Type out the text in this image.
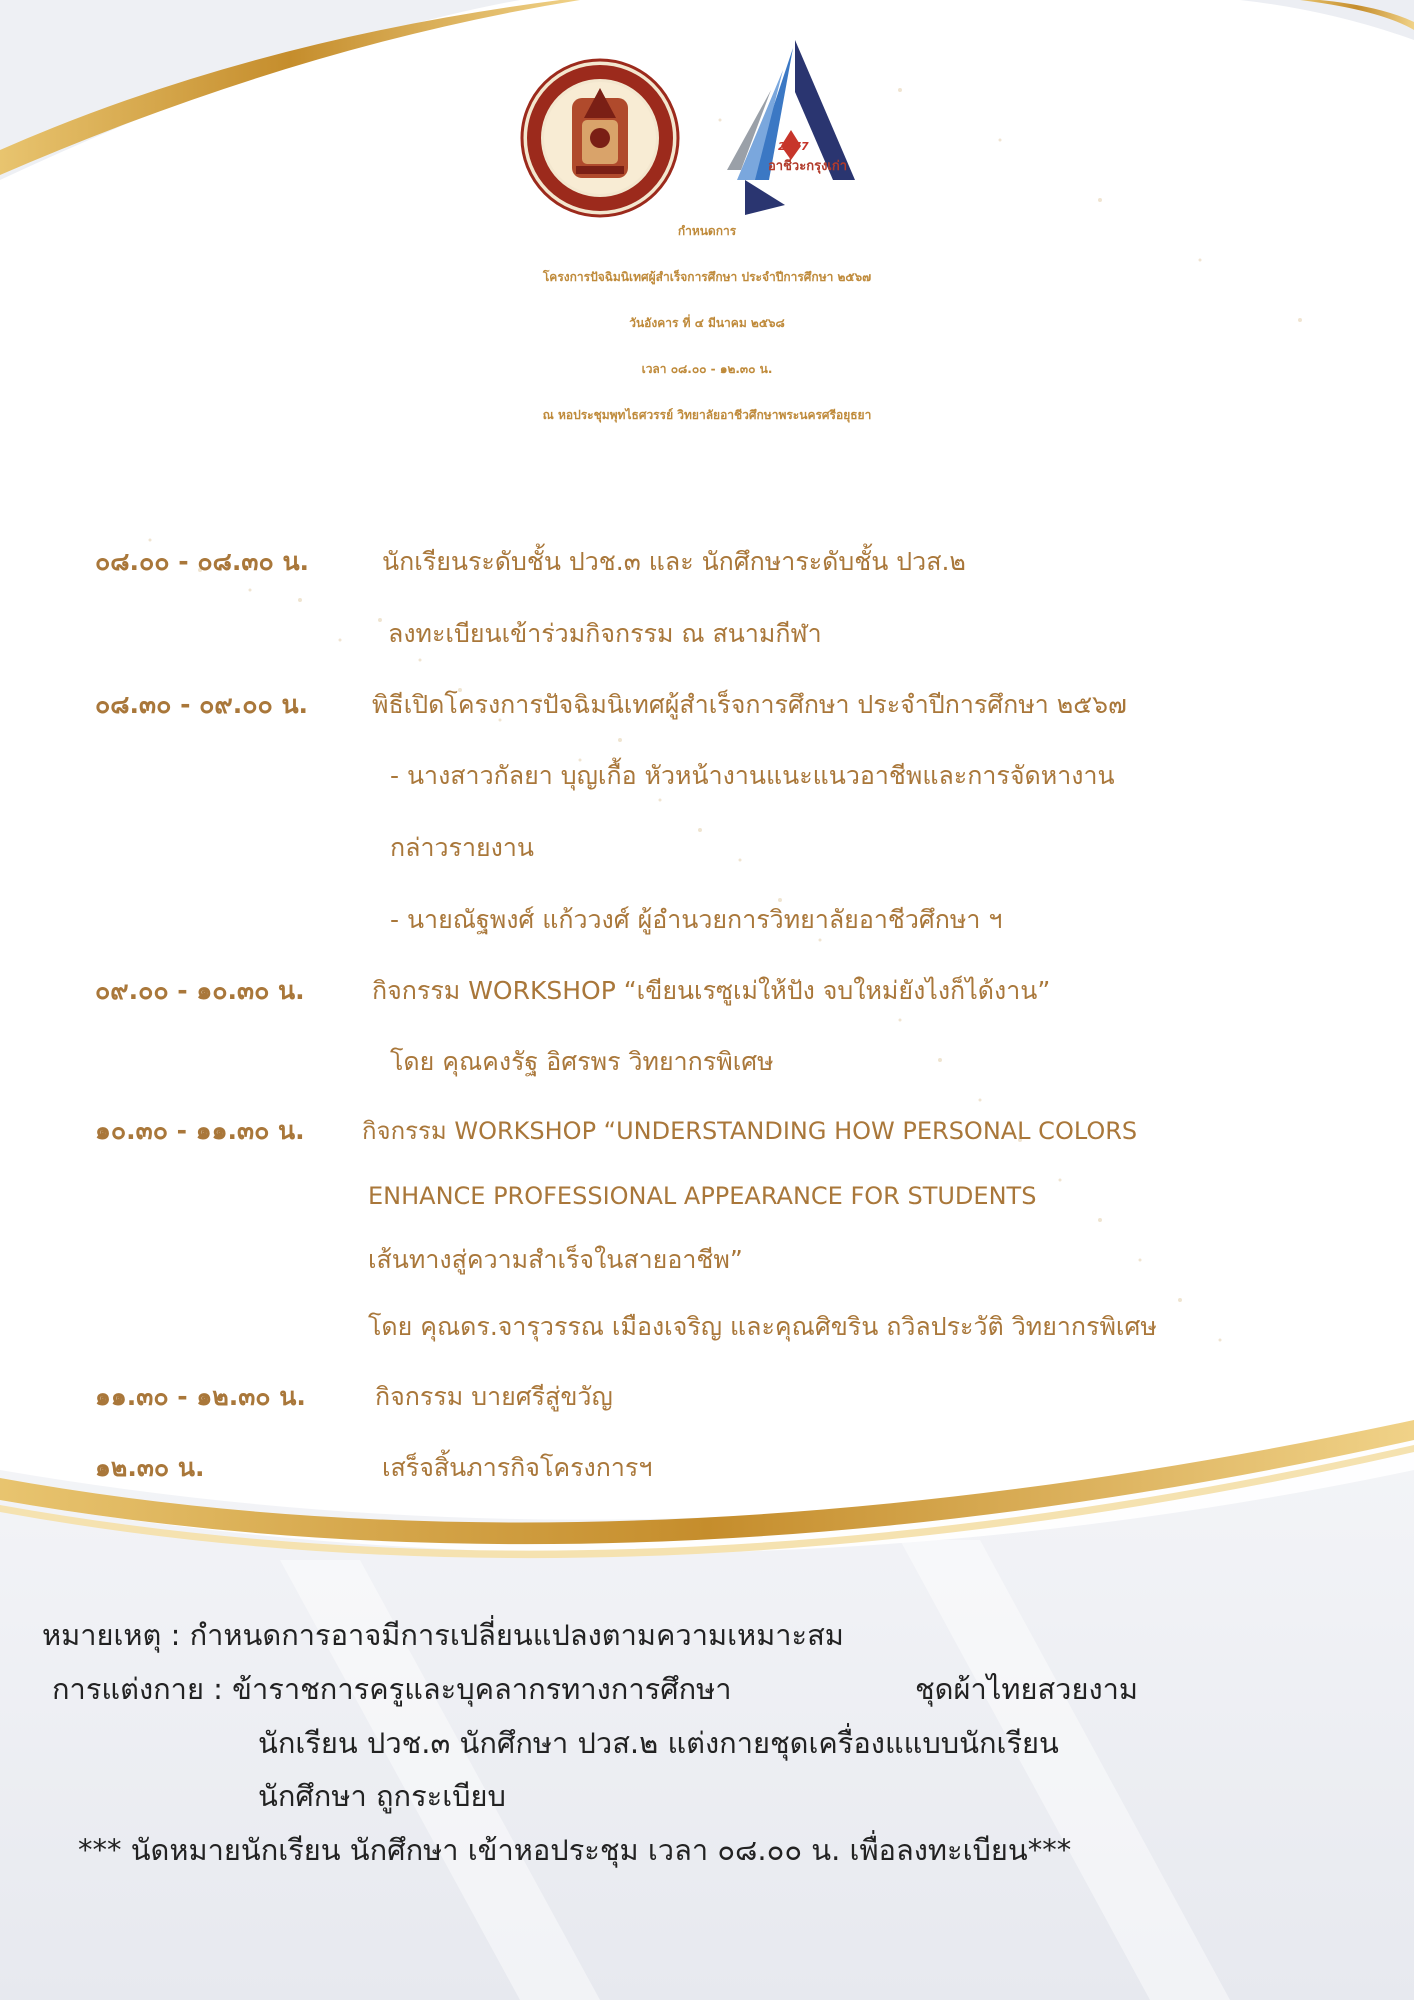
2477
อาชีวะกรุงเก่า
กำหนดการ
โครงการปัจฉิมนิเทศผู้สำเร็จการศึกษา ประจำปีการศึกษา ๒๕๖๗
วันอังคาร ที่ ๔ มีนาคม ๒๕๖๘
เวลา ๐๘.๐๐ - ๑๒.๓๐ น.
ณ หอประชุมพุทไธศวรรย์ วิทยาลัยอาชีวศึกษาพระนครศรีอยุธยา
๐๘.๐๐ - ๐๘.๓๐ น.	นักเรียนระดับชั้น ปวช.๓ และ นักศึกษาระดับชั้น ปวส.๒
ลงทะเบียนเข้าร่วมกิจกรรม ณ สนามกีฬา
๐๘.๓๐ - ๐๙.๐๐ น.	พิธีเปิดโครงการปัจฉิมนิเทศผู้สำเร็จการศึกษา ประจำปีการศึกษา ๒๕๖๗
- นางสาวกัลยา บุญเกื้อ หัวหน้างานแนะแนวอาชีพและการจัดหางาน
กล่าวรายงาน
- นายณัฐพงศ์ แก้ววงศ์ ผู้อำนวยการวิทยาลัยอาชีวศึกษา ฯ
๐๙.๐๐ - ๑๐.๓๐ น.	กิจกรรม WORKSHOP “เขียนเรซูเม่ให้ปัง จบใหม่ยังไงก็ได้งาน”
โดย คุณคงรัฐ อิศรพร วิทยากรพิเศษ
๑๐.๓๐ - ๑๑.๓๐ น. กิจกรรม WORKSHOP “UNDERSTANDING HOW PERSONAL COLORS
ENHANCE PROFESSIONAL APPEARANCE FOR STUDENTS
เส้นทางสู่ความสำเร็จในสายอาชีพ”
โดย คุณดร.จารุวรรณ เมืองเจริญ และคุณศิขริน ถวิลประวัติ วิทยากรพิเศษ
๑๑.๓๐ - ๑๒.๓๐ น.	กิจกรรม บายศรีสู่ขวัญ
๑๒.๓๐ น.	เสร็จสิ้นภารกิจโครงการฯ
หมายเหตุ : กำหนดการอาจมีการเปลี่ยนแปลงตามความเหมาะสม
การแต่งกาย : ข้าราชการครูและบุคลากรทางการศึกษา	ชุดผ้าไทยสวยงาม
นักเรียน ปวช.๓ นักศึกษา ปวส.๒ แต่งกายชุดเครื่องแแบบนักเรียน
นักศึกษา ถูกระเบียบ
*** นัดหมายนักเรียน นักศึกษา เข้าหอประชุม เวลา ๐๘.๐๐ น. เพื่อลงทะเบียน***
